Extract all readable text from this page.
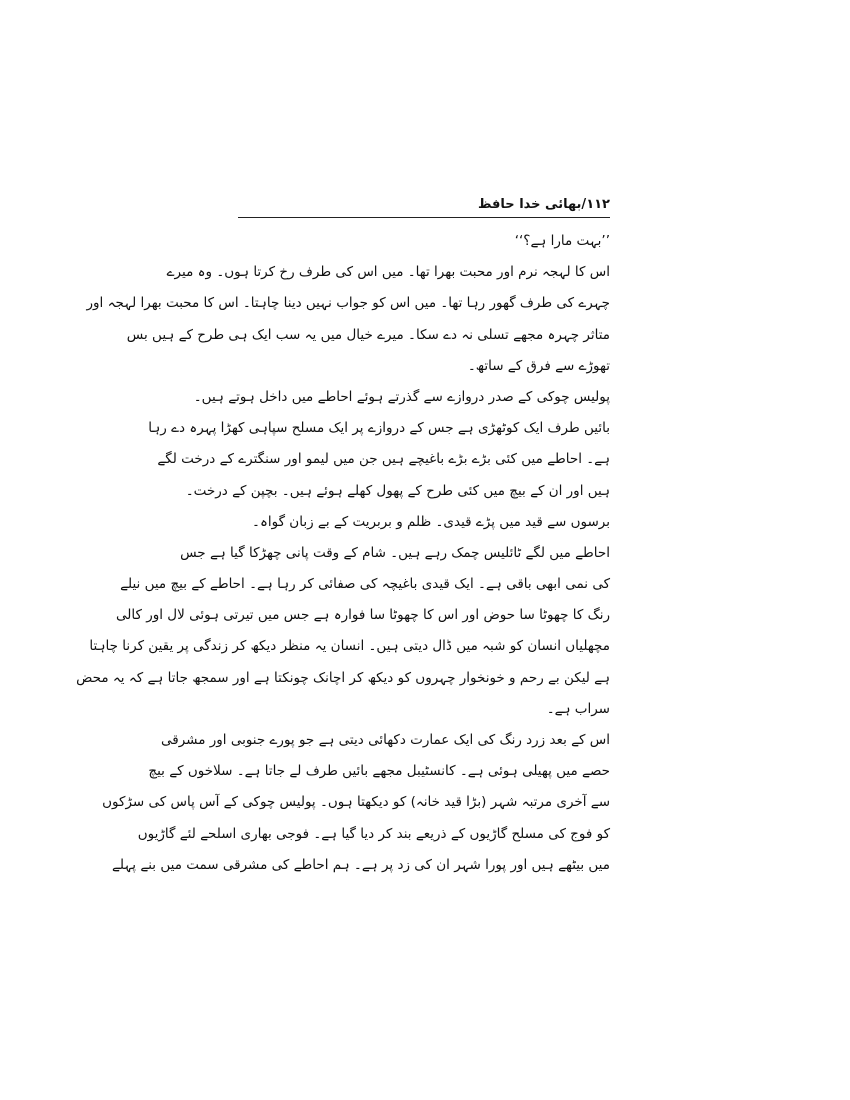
۱۱۲/بھائی خدا حافظ
’’بہت مارا ہے؟‘‘
اس کا لہجہ نرم اور محبت بھرا تھا۔ میں اس کی طرف رخ کرتا ہوں۔ وہ میرے
چہرے کی طرف گھور رہا تھا۔ میں اس کو جواب نہیں دینا چاہتا۔ اس کا محبت بھرا لہجہ اور
متاثر چہرہ مجھے تسلی نہ دے سکا۔ میرے خیال میں یہ سب ایک ہی طرح کے ہیں بس
تھوڑے سے فرق کے ساتھ۔
پولیس چوکی کے صدر دروازے سے گذرتے ہوئے احاطے میں داخل ہوتے ہیں۔
بائیں طرف ایک کوٹھڑی ہے جس کے دروازے پر ایک مسلح سپاہی کھڑا پہرہ دے رہا
ہے۔ احاطے میں کئی بڑے بڑے باغیچے ہیں جن میں لیمو اور سنگترے کے درخت لگے
ہیں اور ان کے بیچ میں کئی طرح کے پھول کھلے ہوئے ہیں۔ بچپن کے درخت۔
برسوں سے قید میں پڑے قیدی۔ ظلم و بربریت کے بے زبان گواہ۔
احاطے میں لگے ٹائلیس چمک رہے ہیں۔ شام کے وقت پانی چھڑکا گیا ہے جس
کی نمی ابھی باقی ہے۔ ایک قیدی باغیچہ کی صفائی کر رہا ہے۔ احاطے کے بیچ میں نیلے
رنگ کا چھوٹا سا حوض اور اس کا چھوٹا سا فوارہ ہے جس میں تیرتی ہوئی لال اور کالی
مچھلیاں انسان کو شبہ میں ڈال دیتی ہیں۔ انسان یہ منظر دیکھ کر زندگی پر یقین کرنا چاہتا
ہے لیکن بے رحم و خونخوار چہروں کو دیکھ کر اچانک چونکتا ہے اور سمجھ جاتا ہے کہ یہ محض
سراب ہے۔
اس کے بعد زرد رنگ کی ایک عمارت دکھائی دیتی ہے جو پورے جنوبی اور مشرقی
حصے میں پھیلی ہوئی ہے۔ کانسٹیبل مجھے بائیں طرف لے جاتا ہے۔ سلاخوں کے بیچ
سے آخری مرتبہ شہر (بڑا قید خانہ) کو دیکھتا ہوں۔ پولیس چوکی کے آس پاس کی سڑکوں
کو فوج کی مسلح گاڑیوں کے ذریعے بند کر دیا گیا ہے۔ فوجی بھاری اسلحے لئے گاڑیوں
میں بیٹھے ہیں اور پورا شہر ان کی زد پر ہے۔ ہم احاطے کی مشرقی سمت میں بنے پہلے
